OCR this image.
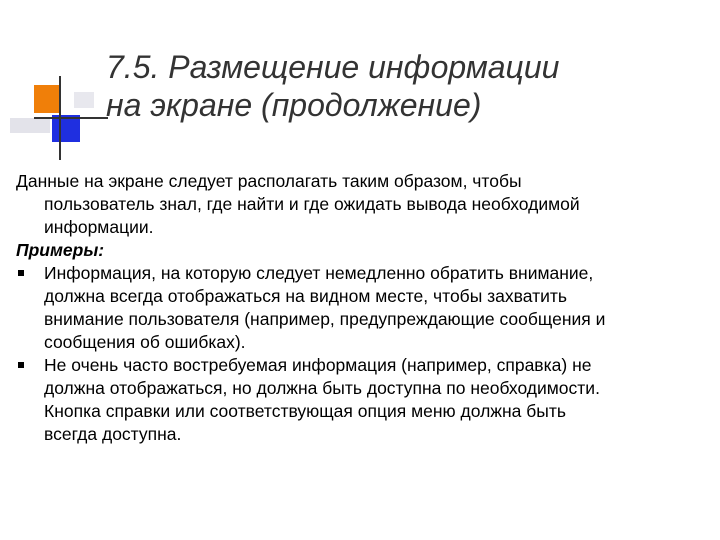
7.5. Размещение информации
на экране (продолжение)
Данные на экране следует располагать таким образом, чтобы
пользователь знал, где найти и где ожидать вывода необходимой
информации.
Примеры:
Информация, на которую следует немедленно обратить внимание,
должна всегда отображаться на видном месте, чтобы захватить
внимание пользователя (например, предупреждающие сообщения и
сообщения об ошибках).
Не очень часто востребуемая информация (например, справка) не
должна отображаться, но должна быть доступна по необходимости.
Кнопка справки или соответствующая опция меню должна быть
всегда доступна.
